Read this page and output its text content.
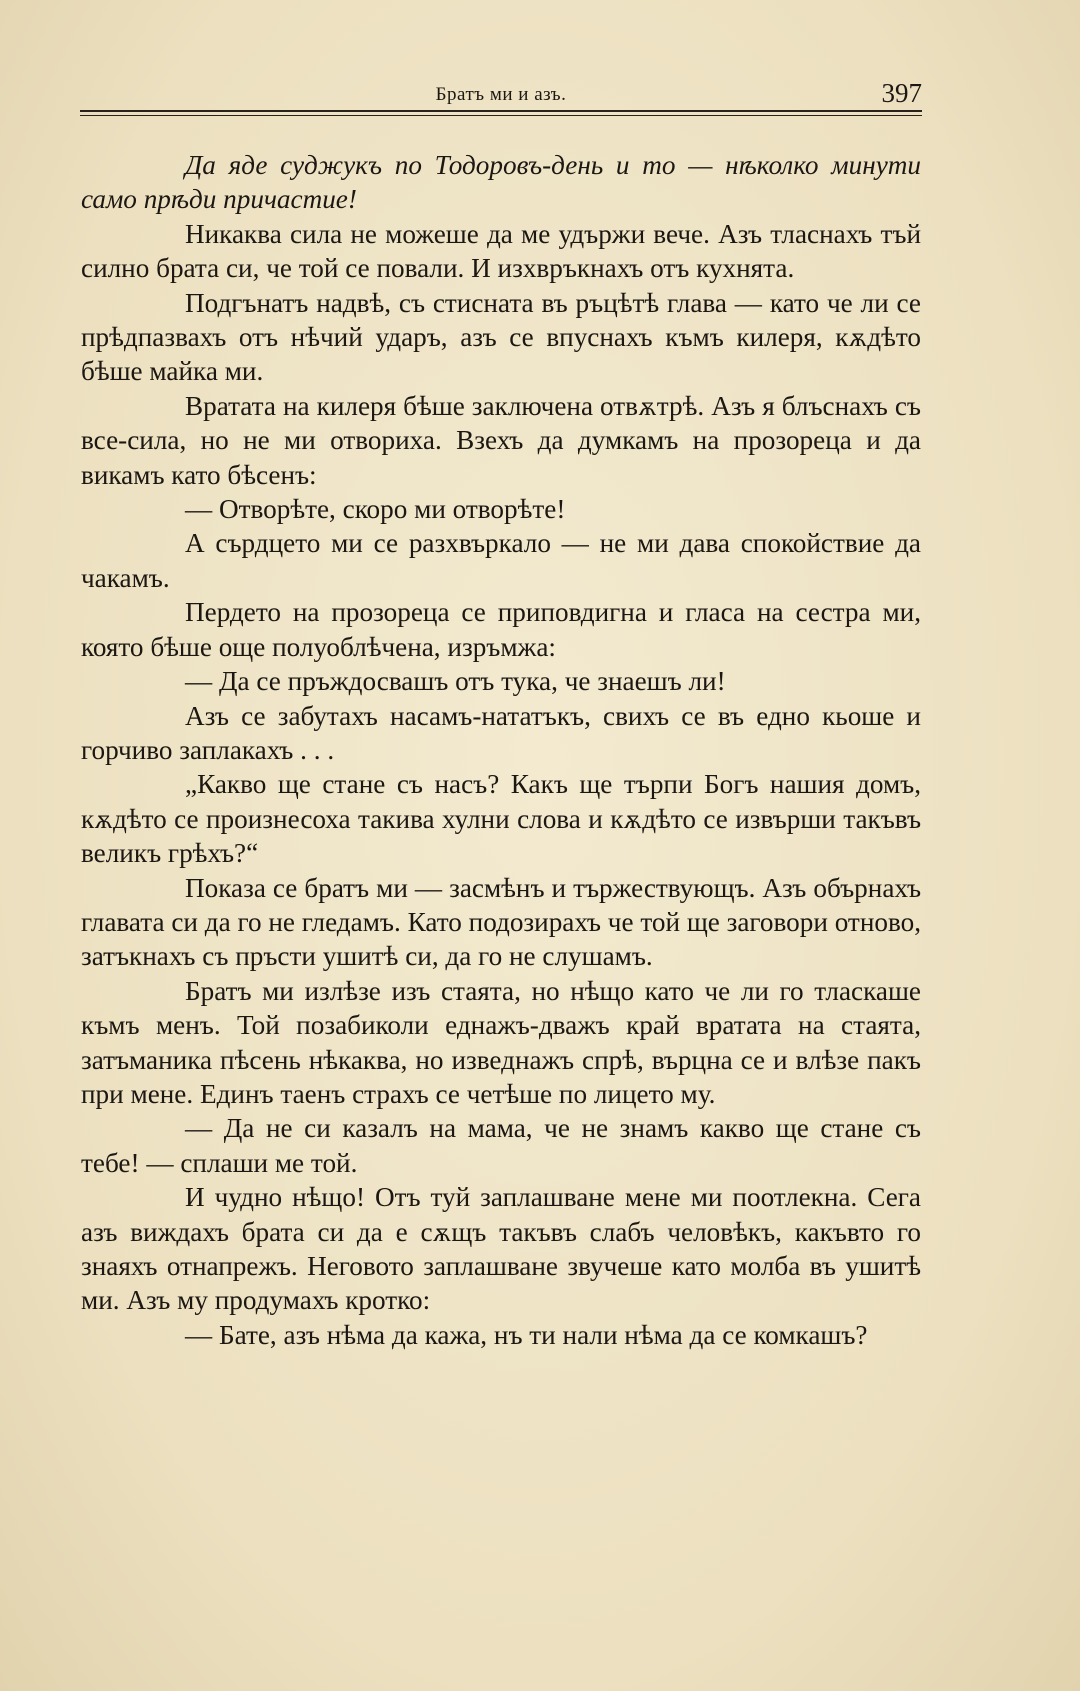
Братъ ми и азъ.	397

Да яде суджукъ по Тодоровъ-день и то — нѣколко минути само прѣди причастие!

Никаква сила не можеше да ме удържи вече. Азъ тласнахъ тъй силно брата си, че той се повали. И изхвръкнахъ отъ кухнята.

Подгънатъ надвѣ, съ стисната въ ръцѣтѣ глава — като че ли се прѣдпазвахъ отъ нѣчий ударъ, азъ се впуснахъ къмъ килеря, кѫдѣто бѣше майка ми.

Вратата на килеря бѣше заключена отвѫтрѣ. Азъ я блъснахъ съ все-сила, но не ми отвориха. Взехъ да думкамъ на прозореца и да викамъ като бѣсенъ:

— Отворѣте, скоро ми отворѣте!

А сърдцето ми се разхвъркало — не ми дава спокойствие да чакамъ.

Пердето на прозореца се приповдигна и гласа на сестра ми, която бѣше още полуоблѣчена, изръмжа:

— Да се пръждосвашъ отъ тука, че знаешъ ли!

Азъ се забутахъ насамъ-нататъкъ, свихъ се въ едно кьоше и горчиво заплакахъ . . .

„Какво ще стане съ насъ? Какъ ще търпи Богъ нашия домъ, кѫдѣто се произнесоха такива хулни слова и кѫдѣто се извърши такъвъ великъ грѣхъ?“

Показа се братъ ми — засмѣнъ и тържествующъ. Азъ обърнахъ главата си да го не гледамъ. Като подозирахъ че той ще заговори отново, затъкнахъ съ пръсти ушитѣ си, да го не слушамъ.

Братъ ми излѣзе изъ стаята, но нѣщо като че ли го тласкаше къмъ менъ. Той позабиколи еднажъ-дважъ край вратата на стаята, затъманика пѣсень нѣкаква, но изведнажъ спрѣ, върцна се и влѣзе пакъ при мене. Единъ таенъ страхъ се четѣше по лицето му.

— Да не си казалъ на мама, че не знамъ какво ще стане съ тебе! — сплаши ме той.

И чудно нѣщо! Отъ туй заплашване мене ми поотлекна. Сега азъ виждахъ брата си да е сѫщъ такъвъ слабъ человѣкъ, какъвто го знаяхъ отнапрежъ. Неговото заплашване звучеше като молба въ ушитѣ ми. Азъ му продумахъ кротко:

— Бате, азъ нѣма да кажа, нъ ти нали нѣма да се комкашъ?
